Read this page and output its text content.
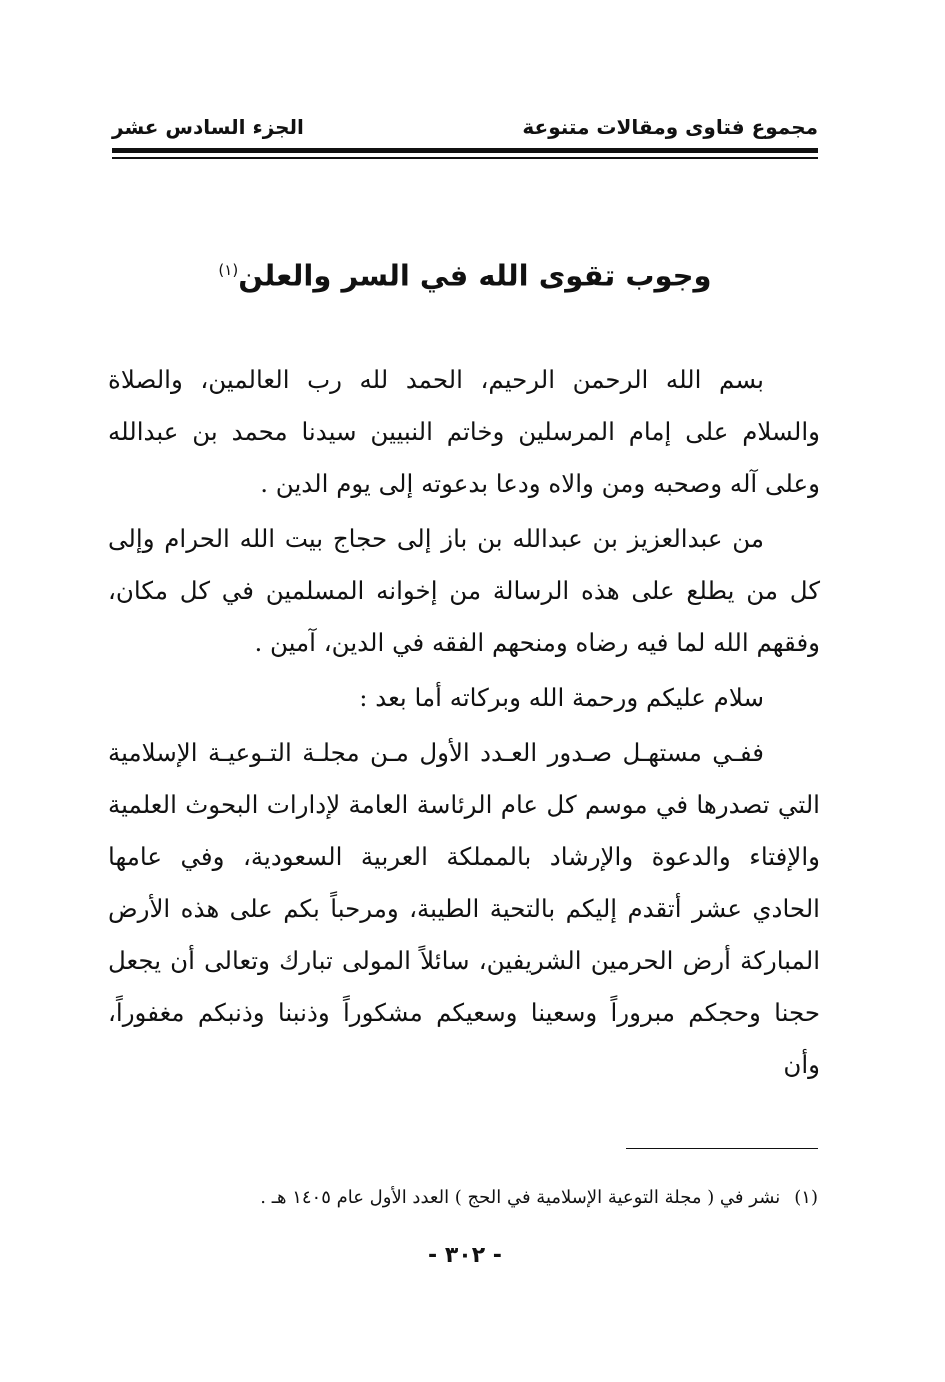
مجموع فتاوى ومقالات متنوعة
الجزء السادس عشر
وجوب تقوى الله في السر والعلن$^{(١)}$

بسم الله الرحمن الرحيم، الحمد لله رب العالمين، والصلاة والسلام على إمام المرسلين وخاتم النبيين سيدنا محمد بن عبدالله وعلى آله وصحبه ومن والاه ودعا بدعوته إلى يوم الدين .

من عبدالعزيز بن عبدالله بن باز إلى حجاج بيت الله الحرام وإلى كل من يطلع على هذه الرسالة من إخوانه المسلمين في كل مكان، وفقهم الله لما فيه رضاه ومنحهم الفقه في الدين، آمين .

سلام عليكم ورحمة الله وبركاته أما بعد :

ففـي مستهـل صـدور العـدد الأول مـن مجلـة التـوعيـة الإسلامية التي تصدرها في موسم كل عام الرئاسة العامة لإدارات البحوث العلمية والإفتاء والدعوة والإرشاد بالمملكة العربية السعودية، وفي عامها الحادي عشر أتقدم إليكم بالتحية الطيبة، ومرحباً بكم على هذه الأرض المباركة أرض الحرمين الشريفين، سائلاً المولى تبارك وتعالى أن يجعل حجنا وحجكم مبروراً وسعينا وسعيكم مشكوراً وذنبنا وذنبكم مغفوراً، وأن

(١)نشر في ( مجلة التوعية الإسلامية في الحج ) العدد الأول عام ١٤٠٥ هـ .
- ٣٠٢ -
